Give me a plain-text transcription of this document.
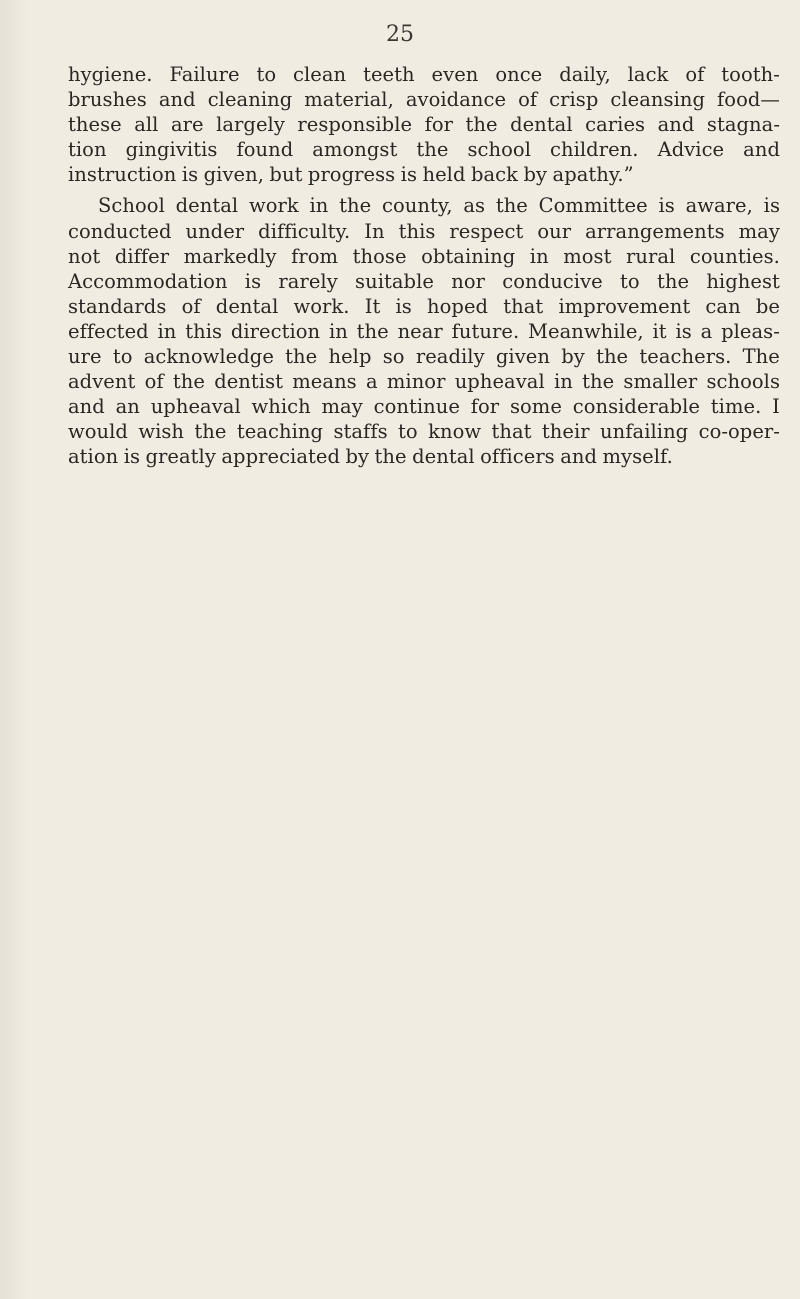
25
hygiene. Failure to clean teeth even once daily, lack of tooth-
brushes and cleaning material, avoidance of crisp cleansing food—
these all are largely responsible for the dental caries and stagna-
tion gingivitis found amongst the school children. Advice and
instruction is given, but progress is held back by apathy.”
School dental work in the county, as the Committee is aware, is
conducted under difficulty. In this respect our arrangements may
not differ markedly from those obtaining in most rural counties.
Accommodation is rarely suitable nor conducive to the highest
standards of dental work. It is hoped that improvement can be
effected in this direction in the near future. Meanwhile, it is a pleas-
ure to acknowledge the help so readily given by the teachers. The
advent of the dentist means a minor upheaval in the smaller schools
and an upheaval which may continue for some considerable time. I
would wish the teaching staffs to know that their unfailing co-oper-
ation is greatly appreciated by the dental officers and myself.
